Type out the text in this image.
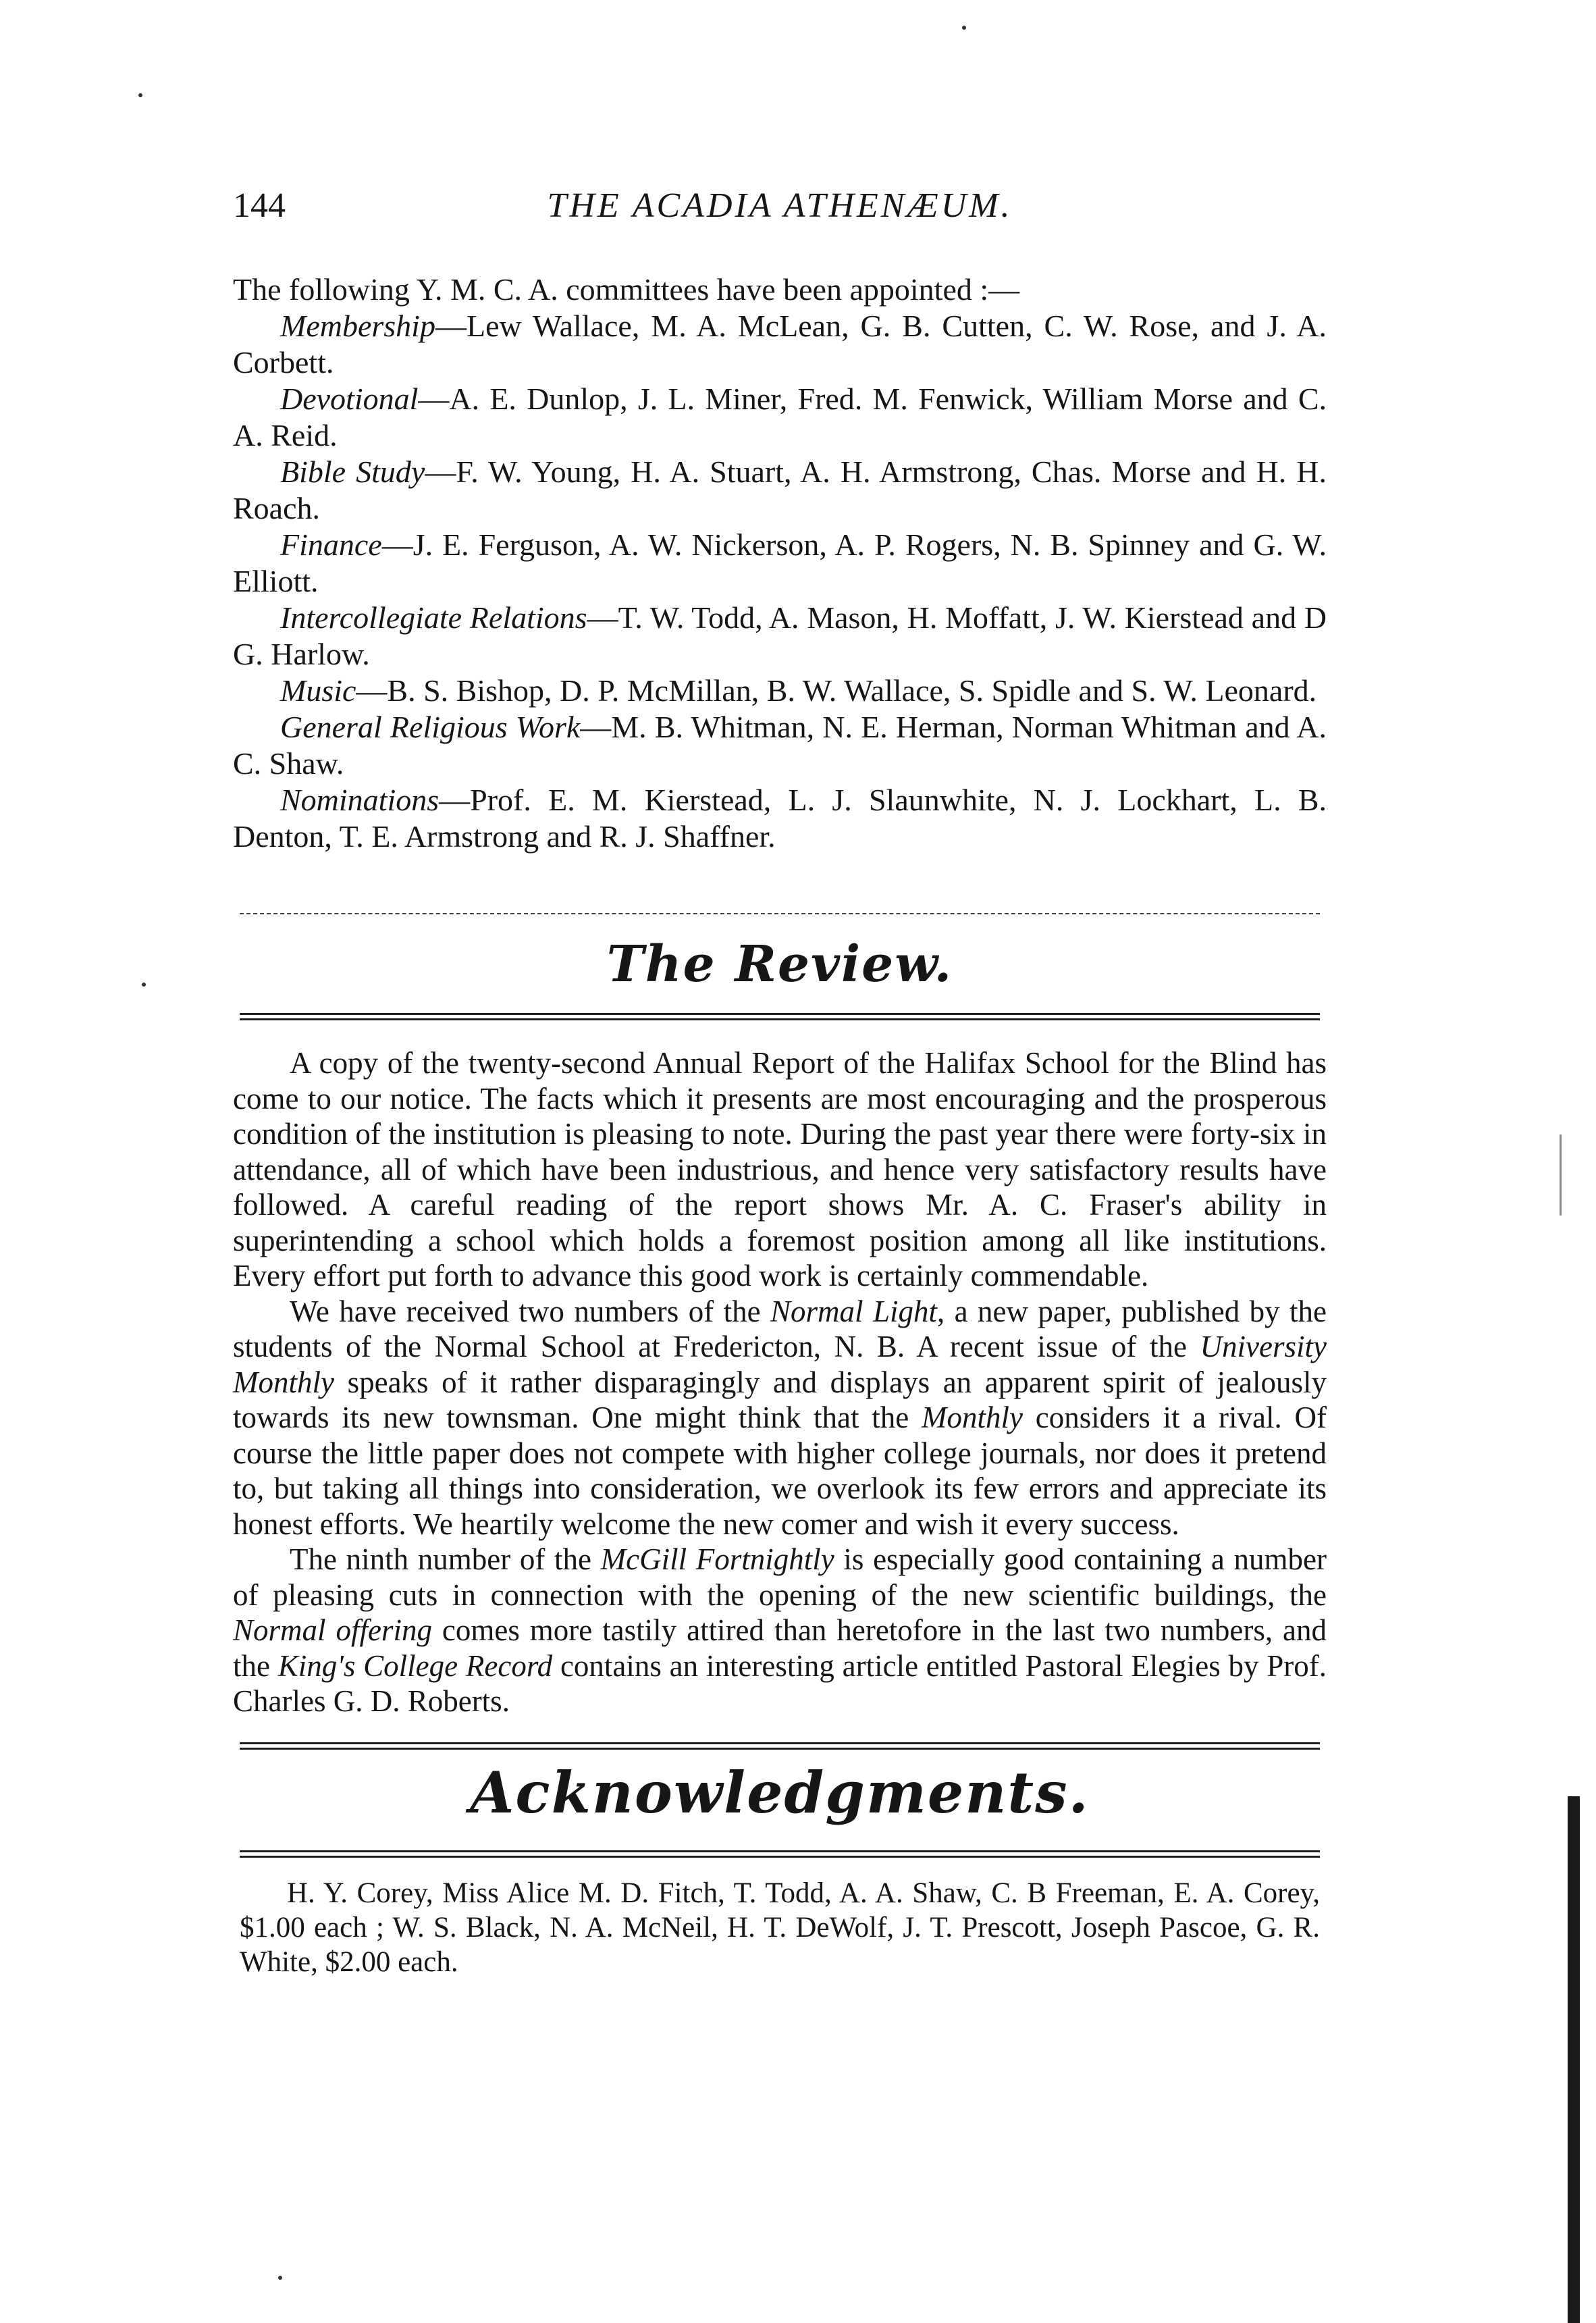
144	THE ACADIA ATHENÆUM.

The following Y. M. C. A. committees have been appointed :—

Membership—Lew Wallace, M. A. McLean, G. B. Cutten, C. W. Rose, and J. A. Corbett.

Devotional—A. E. Dunlop, J. L. Miner, Fred. M. Fenwick, William Morse and C. A. Reid.

Bible Study—F. W. Young, H. A. Stuart, A. H. Armstrong, Chas. Morse and H. H. Roach.

Finance—J. E. Ferguson, A. W. Nickerson, A. P. Rogers, N. B. Spinney and G. W. Elliott.

Intercollegiate Relations—T. W. Todd, A. Mason, H. Moffatt, J. W. Kierstead and D G. Harlow.

Music—B. S. Bishop, D. P. McMillan, B. W. Wallace, S. Spidle and S. W. Leonard.

General Religious Work—M. B. Whitman, N. E. Herman, Norman Whitman and A. C. Shaw.

Nominations—Prof. E. M. Kierstead, L. J. Slaunwhite, N. J. Lockhart, L. B. Denton, T. E. Armstrong and R. J. Shaffner.

The Review.

A copy of the twenty-second Annual Report of the Halifax School for the Blind has come to our notice. The facts which it presents are most encouraging and the prosperous condition of the institution is pleasing to note. During the past year there were forty-six in attendance, all of which have been industrious, and hence very satisfactory results have followed. A careful reading of the report shows Mr. A. C. Fraser's ability in superintending a school which holds a foremost position among all like institutions. Every effort put forth to advance this good work is certainly commendable.

We have received two numbers of the Normal Light, a new paper, published by the students of the Normal School at Fredericton, N. B. A recent issue of the University Monthly speaks of it rather disparagingly and displays an apparent spirit of jealously towards its new townsman. One might think that the Monthly considers it a rival. Of course the little paper does not compete with higher college journals, nor does it pretend to, but taking all things into consideration, we overlook its few errors and appreciate its honest efforts. We heartily welcome the new comer and wish it every success.

The ninth number of the McGill Fortnightly is especially good containing a number of pleasing cuts in connection with the opening of the new scientific buildings, the Normal offering comes more tastily attired than heretofore in the last two numbers, and the King's College Record contains an interesting article entitled Pastoral Elegies by Prof. Charles G. D. Roberts.

Acknowledgments.

H. Y. Corey, Miss Alice M. D. Fitch, T. Todd, A. A. Shaw, C. B Freeman, E. A. Corey, $1.00 each ; W. S. Black, N. A. McNeil, H. T. DeWolf, J. T. Prescott, Joseph Pascoe, G. R. White, $2.00 each.
